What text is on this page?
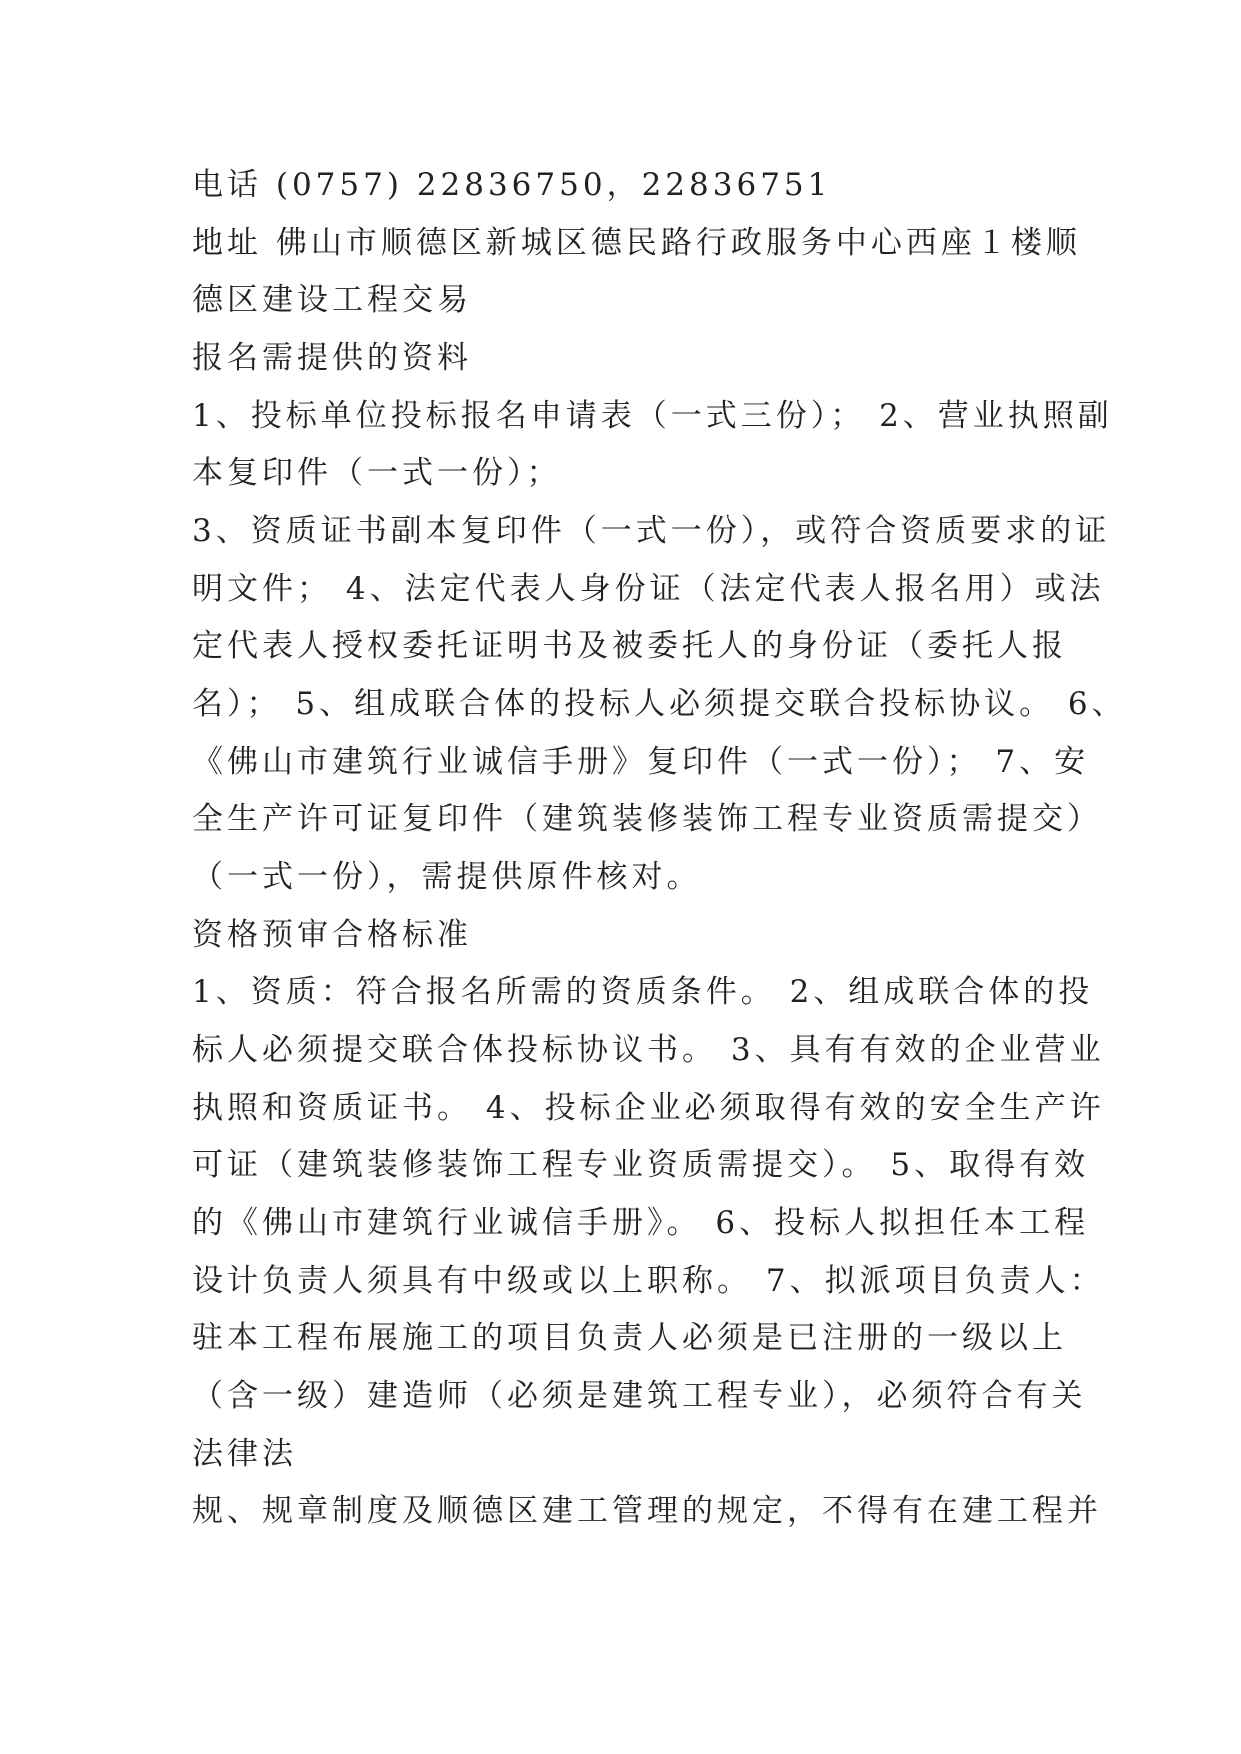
电话 (0757) 22836750，22836751
地址 佛山市顺德区新城区德民路行政服务中心西座１楼顺
德区建设工程交易
报名需提供的资料
1、投标单位投标报名申请表（一式三份）； 2、营业执照副
本复印件（一式一份）；
3、资质证书副本复印件（一式一份），或符合资质要求的证
明文件； 4、法定代表人身份证（法定代表人报名用）或法
定代表人授权委托证明书及被委托人的身份证（委托人报
名）； 5、组成联合体的投标人必须提交联合投标协议。 6、
《佛山市建筑行业诚信手册》复印件（一式一份）； 7、安
全生产许可证复印件（建筑装修装饰工程专业资质需提交）
（一式一份），需提供原件核对。
资格预审合格标准
1、资质：符合报名所需的资质条件。 2、组成联合体的投
标人必须提交联合体投标协议书。 3、具有有效的企业营业
执照和资质证书。 4、投标企业必须取得有效的安全生产许
可证（建筑装修装饰工程专业资质需提交）。 5、取得有效
的《佛山市建筑行业诚信手册》。 6、投标人拟担任本工程
设计负责人须具有中级或以上职称。 7、拟派项目负责人：
驻本工程布展施工的项目负责人必须是已注册的一级以上
（含一级）建造师（必须是建筑工程专业），必须符合有关
法律法
规、规章制度及顺德区建工管理的规定，不得有在建工程并
